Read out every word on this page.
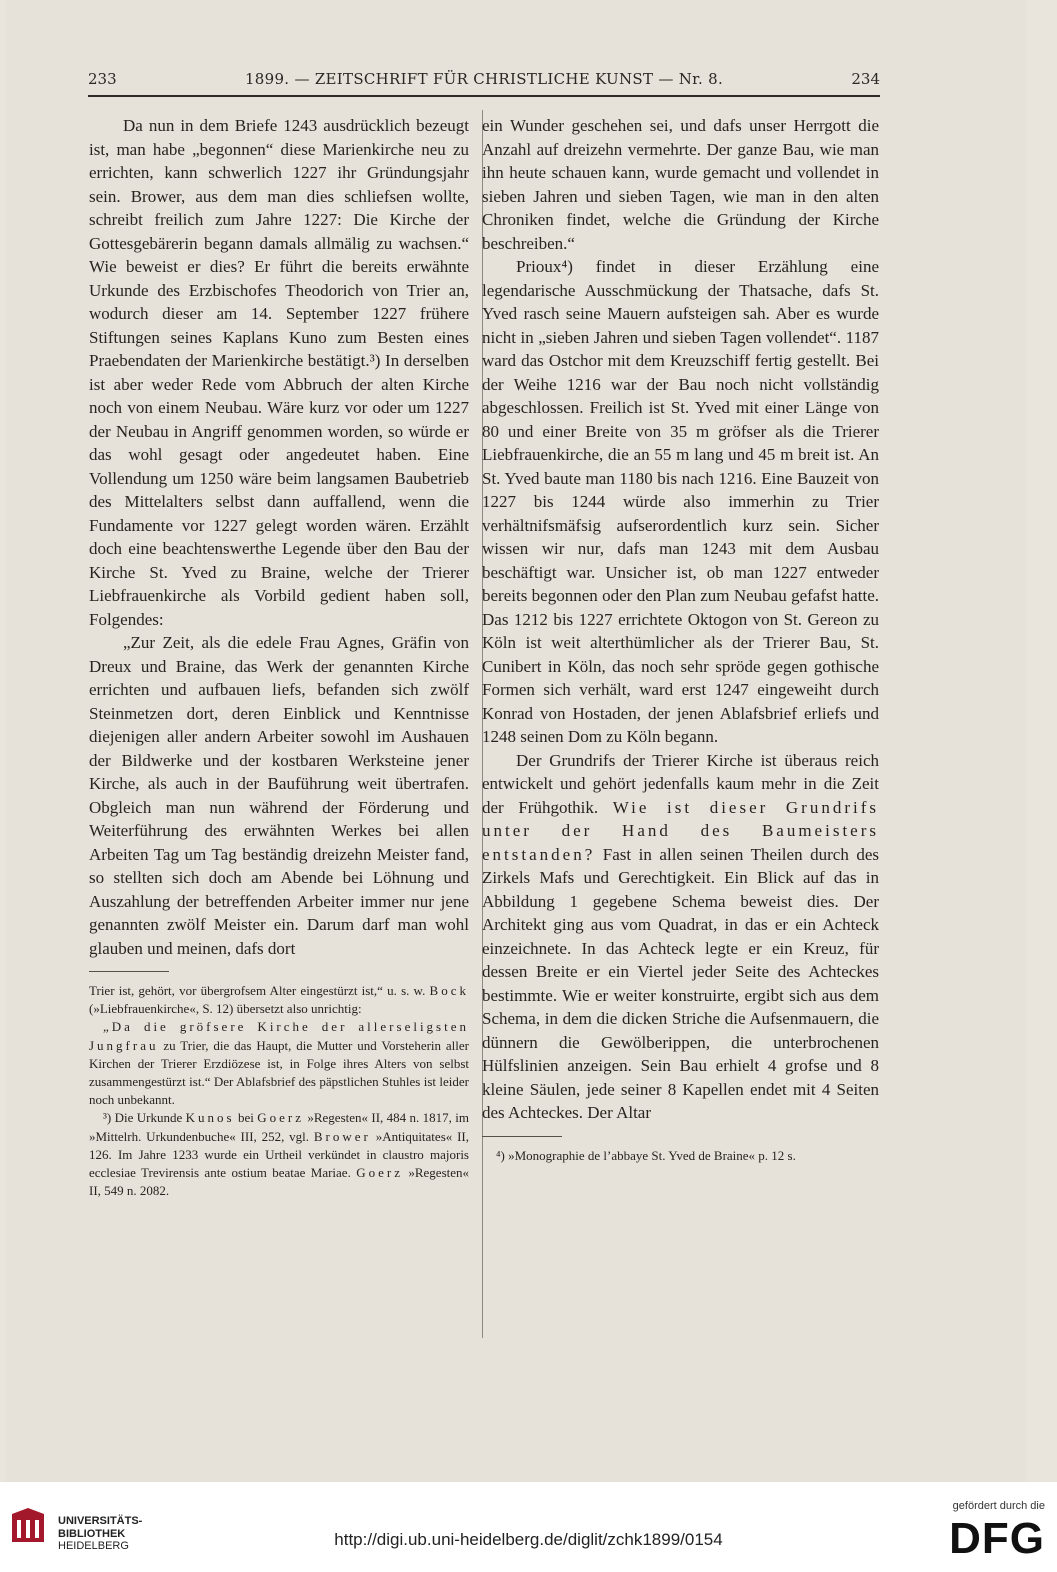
233	1899. — ZEITSCHRIFT FÜR CHRISTLICHE KUNST — Nr. 8.	234

Da nun in dem Briefe 1243 ausdrücklich bezeugt ist, man habe „begonnen“ diese Marienkirche neu zu errichten, kann schwerlich 1227 ihr Gründungsjahr sein. Brower, aus dem man dies schliefsen wollte, schreibt freilich zum Jahre 1227: Die Kirche der Gottesgebärerin begann damals allmälig zu wachsen.“ Wie beweist er dies? Er führt die bereits erwähnte Urkunde des Erzbischofes Theodorich von Trier an, wodurch dieser am 14. September 1227 frühere Stiftungen seines Kaplans Kuno zum Besten eines Praebendaten der Marienkirche bestätigt.³) In derselben ist aber weder Rede vom Abbruch der alten Kirche noch von einem Neubau. Wäre kurz vor oder um 1227 der Neubau in Angriff genommen worden, so würde er das wohl gesagt oder angedeutet haben. Eine Vollendung um 1250 wäre beim langsamen Baubetrieb des Mittelalters selbst dann auffallend, wenn die Fundamente vor 1227 gelegt worden wären. Erzählt doch eine beachtenswerthe Legende über den Bau der Kirche St. Yved zu Braine, welche der Trierer Liebfrauenkirche als Vorbild gedient haben soll, Folgendes:

„Zur Zeit, als die edele Frau Agnes, Gräfin von Dreux und Braine, das Werk der genannten Kirche errichten und aufbauen liefs, befanden sich zwölf Steinmetzen dort, deren Einblick und Kenntnisse diejenigen aller andern Arbeiter sowohl im Aushauen der Bildwerke und der kostbaren Werksteine jener Kirche, als auch in der Bauführung weit übertrafen. Obgleich man nun während der Förderung und Weiterführung des erwähnten Werkes bei allen Arbeiten Tag um Tag beständig dreizehn Meister fand, so stellten sich doch am Abende bei Löhnung und Auszahlung der betreffenden Arbeiter immer nur jene genannten zwölf Meister ein. Darum darf man wohl glauben und meinen, dafs dort

Trier ist, gehört, vor übergrofsem Alter eingestürzt ist,“ u. s. w. Bock (»Liebfrauenkirche«, S. 12) übersetzt also unrichtig:

„Da die gröfsere Kirche der allerseligsten Jungfrau zu Trier, die das Haupt, die Mutter und Vorsteherin aller Kirchen der Trierer Erzdiözese ist, in Folge ihres Alters von selbst zusammengestürzt ist.“ Der Ablafsbrief des päpstlichen Stuhles ist leider noch unbekannt.

³) Die Urkunde Kunos bei Goerz »Regesten« II, 484 n. 1817, im »Mittelrh. Urkundenbuche« III, 252, vgl. Brower »Antiquitates« II, 126. Im Jahre 1233 wurde ein Urtheil verkündet in claustro majoris ecclesiae Trevirensis ante ostium beatae Mariae. Goerz »Regesten« II, 549 n. 2082.

ein Wunder geschehen sei, und dafs unser Herrgott die Anzahl auf dreizehn vermehrte. Der ganze Bau, wie man ihn heute schauen kann, wurde gemacht und vollendet in sieben Jahren und sieben Tagen, wie man in den alten Chroniken findet, welche die Gründung der Kirche beschreiben.“

Prioux⁴) findet in dieser Erzählung eine legendarische Ausschmückung der Thatsache, dafs St. Yved rasch seine Mauern aufsteigen sah. Aber es wurde nicht in „sieben Jahren und sieben Tagen vollendet“. 1187 ward das Ostchor mit dem Kreuzschiff fertig gestellt. Bei der Weihe 1216 war der Bau noch nicht vollständig abgeschlossen. Freilich ist St. Yved mit einer Länge von 80 und einer Breite von 35 m gröfser als die Trierer Liebfrauenkirche, die an 55 m lang und 45 m breit ist. An St. Yved baute man 1180 bis nach 1216. Eine Bauzeit von 1227 bis 1244 würde also immerhin zu Trier verhältnifsmäfsig aufserordentlich kurz sein. Sicher wissen wir nur, dafs man 1243 mit dem Ausbau beschäftigt war. Unsicher ist, ob man 1227 entweder bereits begonnen oder den Plan zum Neubau gefafst hatte. Das 1212 bis 1227 errichtete Oktogon von St. Gereon zu Köln ist weit alterthümlicher als der Trierer Bau, St. Cunibert in Köln, das noch sehr spröde gegen gothische Formen sich verhält, ward erst 1247 eingeweiht durch Konrad von Hostaden, der jenen Ablafsbrief erliefs und 1248 seinen Dom zu Köln begann.

Der Grundrifs der Trierer Kirche ist überaus reich entwickelt und gehört jedenfalls kaum mehr in die Zeit der Frühgothik. Wie ist dieser Grundrifs unter der Hand des Baumeisters entstanden? Fast in allen seinen Theilen durch des Zirkels Mafs und Gerechtigkeit. Ein Blick auf das in Abbildung 1 gegebene Schema beweist dies. Der Architekt ging aus vom Quadrat, in das er ein Achteck einzeichnete. In das Achteck legte er ein Kreuz, für dessen Breite er ein Viertel jeder Seite des Achteckes bestimmte. Wie er weiter konstruirte, ergibt sich aus dem Schema, in dem die dicken Striche die Aufsenmauern, die dünnern die Gewölberippen, die unterbrochenen Hülfslinien anzeigen. Sein Bau erhielt 4 grofse und 8 kleine Säulen, jede seiner 8 Kapellen endet mit 4 Seiten des Achteckes. Der Altar

⁴) »Monographie de l’abbaye St. Yved de Braine« p. 12 s.

UNIVERSITÄTS-
BIBLIOTHEK
HEIDELBERG	http://digi.ub.uni-heidelberg.de/diglit/zchk1899/0154
gefördert durch die
DFG
